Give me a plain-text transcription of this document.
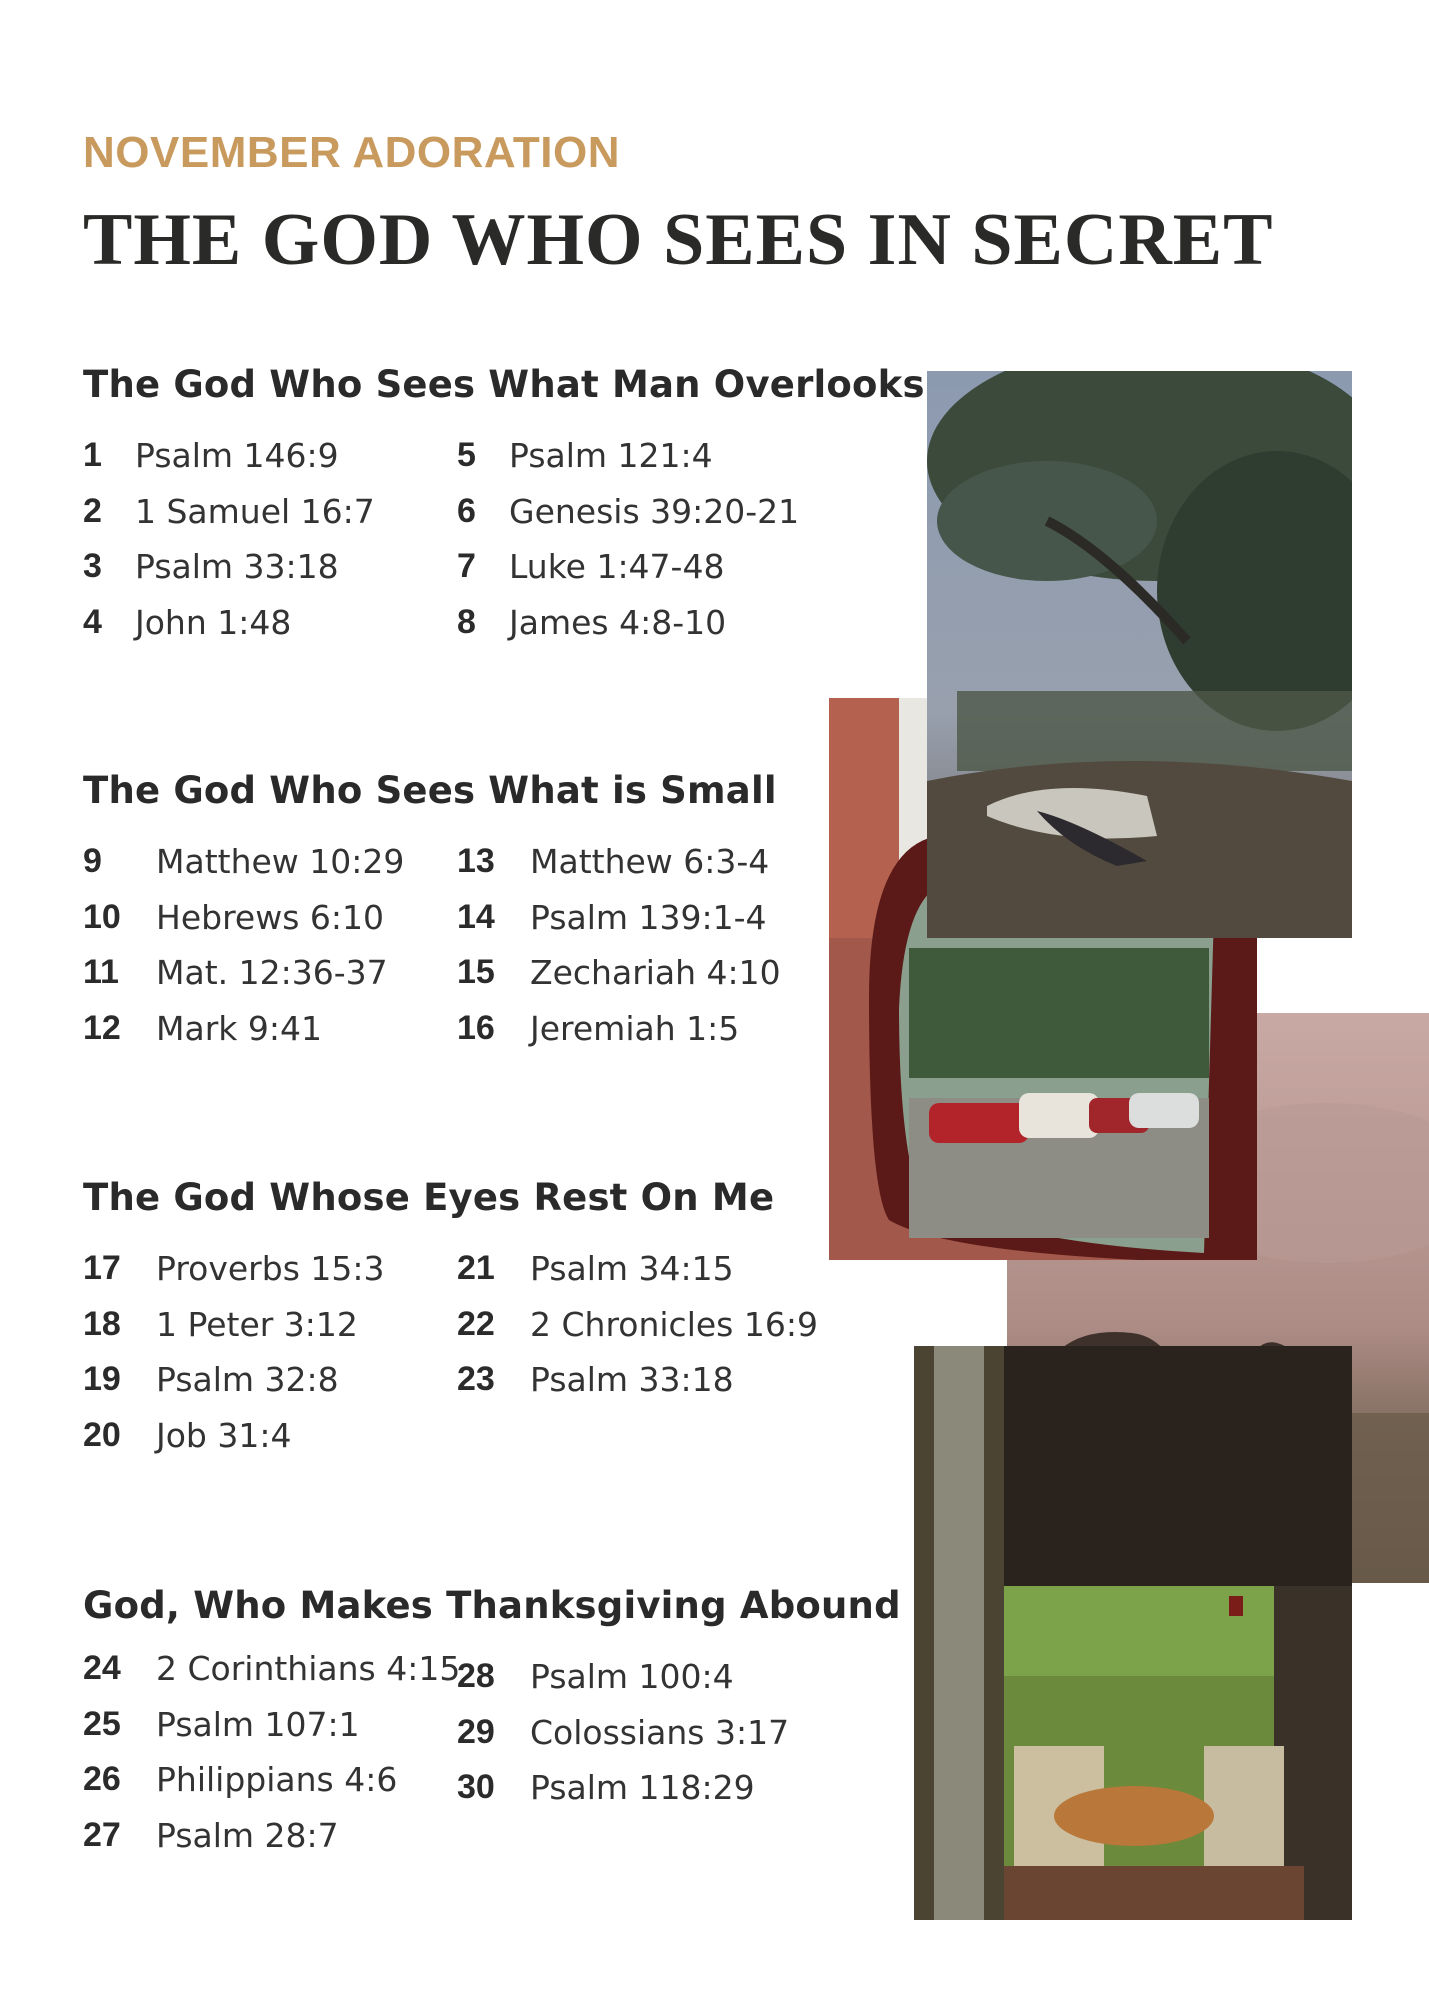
NOVEMBER ADORATION
THE GOD WHO SEES IN SECRET
The God Who Sees What Man Overlooks
1	Psalm 146:9
2	1 Samuel 16:7
3	Psalm 33:18
4	John 1:48
5	Psalm 121:4
6	Genesis 39:20-21
7	Luke 1:47-48
8	James 4:8-10
The God Who Sees What is Small
9	Matthew 10:29
10	Hebrews 6:10
11	Mat. 12:36-37
12	Mark 9:41
13	Matthew 6:3-4
14	Psalm 139:1-4
15	Zechariah 4:10
16	Jeremiah 1:5
The God Whose Eyes Rest On Me
17	Proverbs 15:3
18	1 Peter 3:12
19	Psalm 32:8
20	Job 31:4
21	Psalm 34:15
22	2 Chronicles 16:9
23	Psalm 33:18
God, Who Makes Thanksgiving Abound
24	2 Corinthians 4:15
25	Psalm 107:1
26	Philippians 4:6
27	Psalm 28:7
28	Psalm 100:4
29	Colossians 3:17
30	Psalm 118:29
